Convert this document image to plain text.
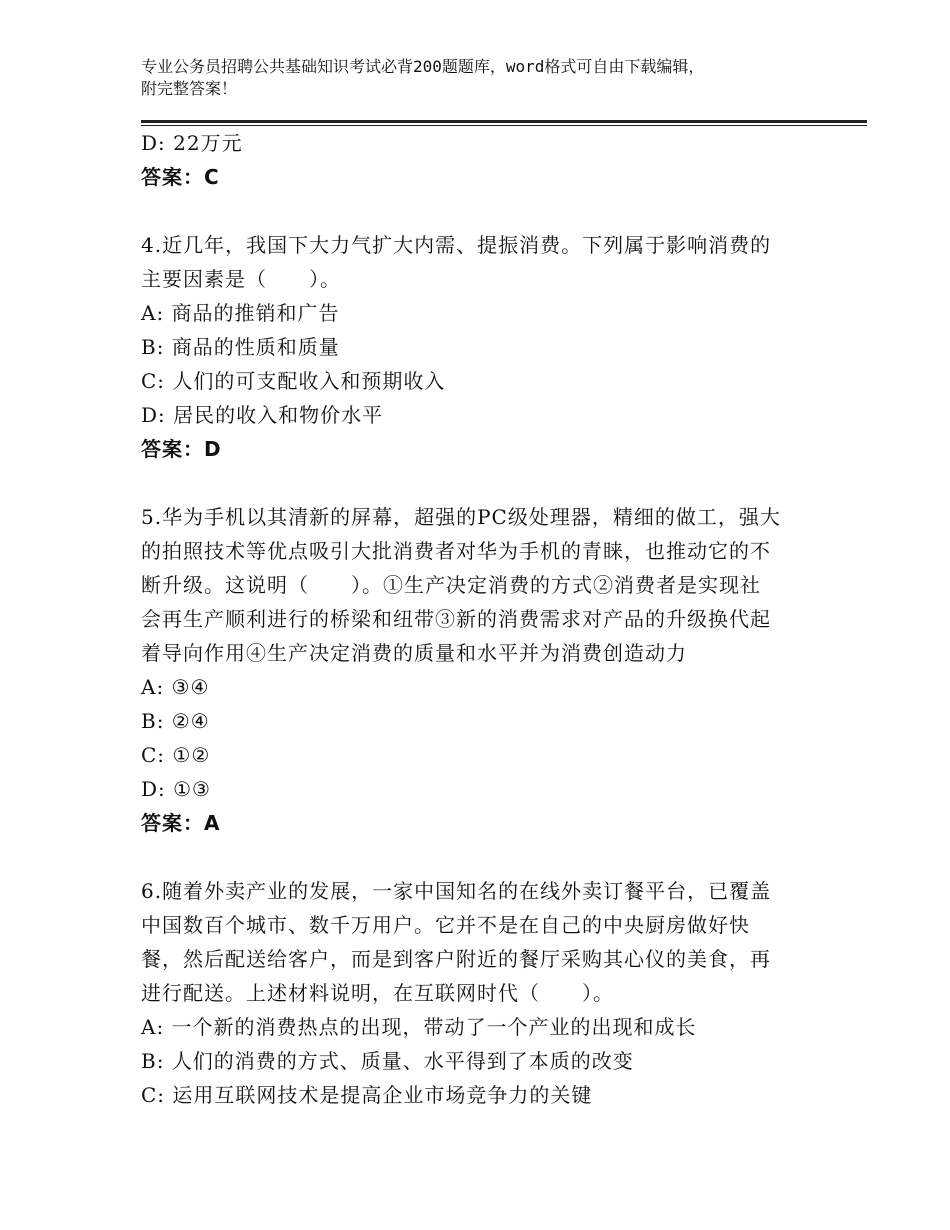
专业公务员招聘公共基础知识考试必背200题题库，word格式可自由下载编辑，
附完整答案！
D: 22万元
答案：C
4.近几年，我国下大力气扩大内需、提振消费。下列属于影响消费的
主要因素是（　　）。
A: 商品的推销和广告
B: 商品的性质和质量
C: 人们的可支配收入和预期收入
D: 居民的收入和物价水平
答案：D
5.华为手机以其清新的屏幕，超强的PC级处理器，精细的做工，强大
的拍照技术等优点吸引大批消费者对华为手机的青睐，也推动它的不
断升级。这说明（　　）。①生产决定消费的方式②消费者是实现社
会再生产顺利进行的桥梁和纽带③新的消费需求对产品的升级换代起
着导向作用④生产决定消费的质量和水平并为消费创造动力
A: ③④
B: ②④
C: ①②
D: ①③
答案：A
6.随着外卖产业的发展，一家中国知名的在线外卖订餐平台，已覆盖
中国数百个城市、数千万用户。它并不是在自己的中央厨房做好快
餐，然后配送给客户，而是到客户附近的餐厅采购其心仪的美食，再
进行配送。上述材料说明，在互联网时代（　　）。
A: 一个新的消费热点的出现，带动了一个产业的出现和成长
B: 人们的消费的方式、质量、水平得到了本质的改变
C: 运用互联网技术是提高企业市场竞争力的关键
